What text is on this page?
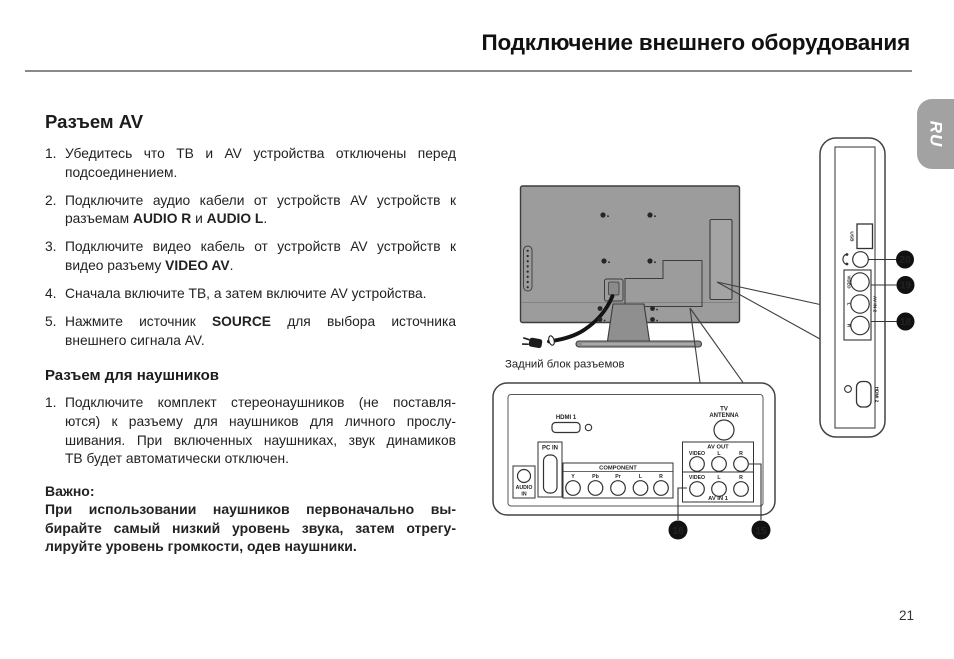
Подключение внешнего оборудования
RU
Разъем AV
1. Убедитесь что ТВ и AV устройства отключены перед
подсоединением.
2. Подключите аудио кабели от устройств AV устройств к
разъемам AUDIO R и AUDIO L.
3. Подключите видео кабель от устройств AV устройств к
видео разъему VIDEO AV.
4. Сначала включите ТВ, а затем включите AV устройства.
5. Нажмите источник SOURCE для выбора источника
внешнего сигнала AV.
Разъем для наушников
1. Подключите комплект стереонаушников (не поставля-
ются) к разъему для наушников для личного прослу-
шивания. При включенных наушниках, звук динамиков
ТВ будет автоматически отключен.
Важно:
При использовании наушников первоначально вы-
бирайте самый низкий уровень звука, затем отрегу-
лируйте уровень громкости, одев наушники.
Задний блок разъемов
HDMI 1
TV
ANTENNA
PC IN
AUDIO
IN
COMPONENT
Y	Pb	Pr	L	R
AV OUT
VIDEO L	R
VIDEO L	R
AV IN 1
16	15
USB
VIDEO
L
R
AV IN 2
HDMI 2
20
19
18
21
